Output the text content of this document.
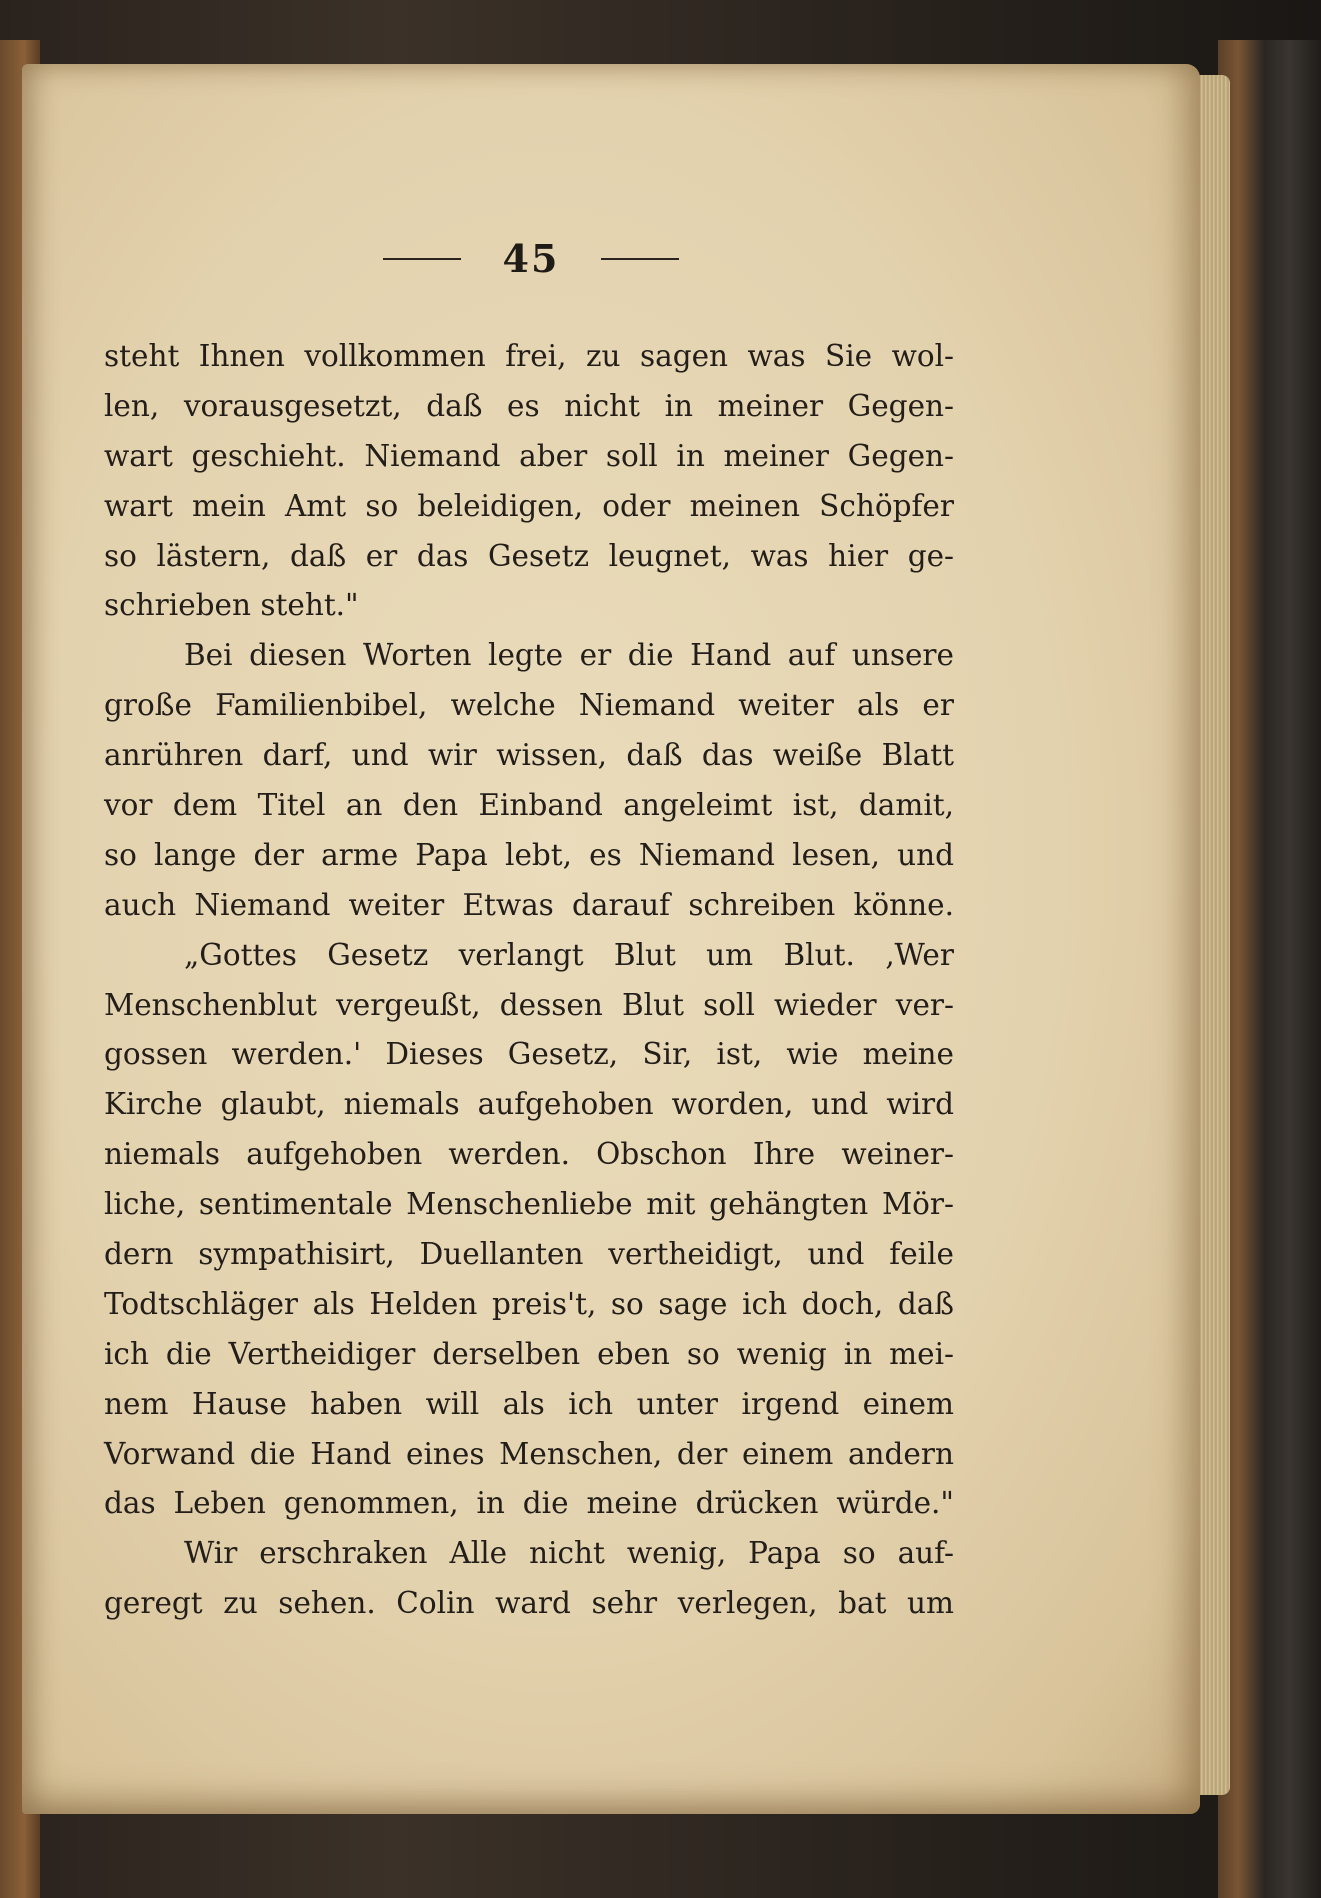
45
steht Ihnen vollkommen frei, zu sagen was Sie wol-
len, vorausgesetzt, daß es nicht in meiner Gegen-
wart geschieht. Niemand aber soll in meiner Gegen-
wart mein Amt so beleidigen, oder meinen Schöpfer
so lästern, daß er das Gesetz leugnet, was hier ge-
schrieben steht."
Bei diesen Worten legte er die Hand auf unsere
große Familienbibel, welche Niemand weiter als er
anrühren darf, und wir wissen, daß das weiße Blatt
vor dem Titel an den Einband angeleimt ist, damit,
so lange der arme Papa lebt, es Niemand lesen, und
auch Niemand weiter Etwas darauf schreiben könne.
„Gottes Gesetz verlangt Blut um Blut. ‚Wer
Menschenblut vergeußt, dessen Blut soll wieder ver-
gossen werden.' Dieses Gesetz, Sir, ist, wie meine
Kirche glaubt, niemals aufgehoben worden, und wird
niemals aufgehoben werden. Obschon Ihre weiner-
liche, sentimentale Menschenliebe mit gehängten Mör-
dern sympathisirt, Duellanten vertheidigt, und feile
Todtschläger als Helden preis't, so sage ich doch, daß
ich die Vertheidiger derselben eben so wenig in mei-
nem Hause haben will als ich unter irgend einem
Vorwand die Hand eines Menschen, der einem andern
das Leben genommen, in die meine drücken würde."
Wir erschraken Alle nicht wenig, Papa so auf-
geregt zu sehen. Colin ward sehr verlegen, bat um
